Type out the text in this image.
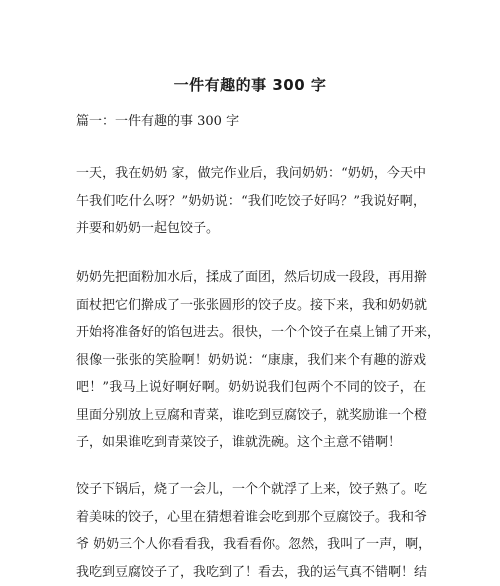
一件有趣的事 300 字
篇一：一件有趣的事 300 字
一天，我在奶奶 家，做完作业后，我问奶奶：“奶奶，今天中
午我们吃什么呀？”奶奶说：“我们吃饺子好吗？”我说好啊，
并要和奶奶一起包饺子。
奶奶先把面粉加水后，揉成了面团，然后切成一段段，再用擀
面杖把它们擀成了一张张圆形的饺子皮。接下来，我和奶奶就
开始将准备好的馅包进去。很快，一个个饺子在桌上铺了开来，
很像一张张的笑脸啊！奶奶说：“康康，我们来个有趣的游戏
吧！”我马上说好啊好啊。奶奶说我们包两个不同的饺子，在
里面分别放上豆腐和青菜，谁吃到豆腐饺子，就奖励谁一个橙
子，如果谁吃到青菜饺子，谁就洗碗。这个主意不错啊！
饺子下锅后，烧了一会儿，一个个就浮了上来，饺子熟了。吃
着美味的饺子，心里在猜想着谁会吃到那个豆腐饺子。我和爷
爷 奶奶三个人你看看我，我看看你。忽然，我叫了一声，啊，
我吃到豆腐饺子了，我吃到了！看去，我的运气真不错啊！结
